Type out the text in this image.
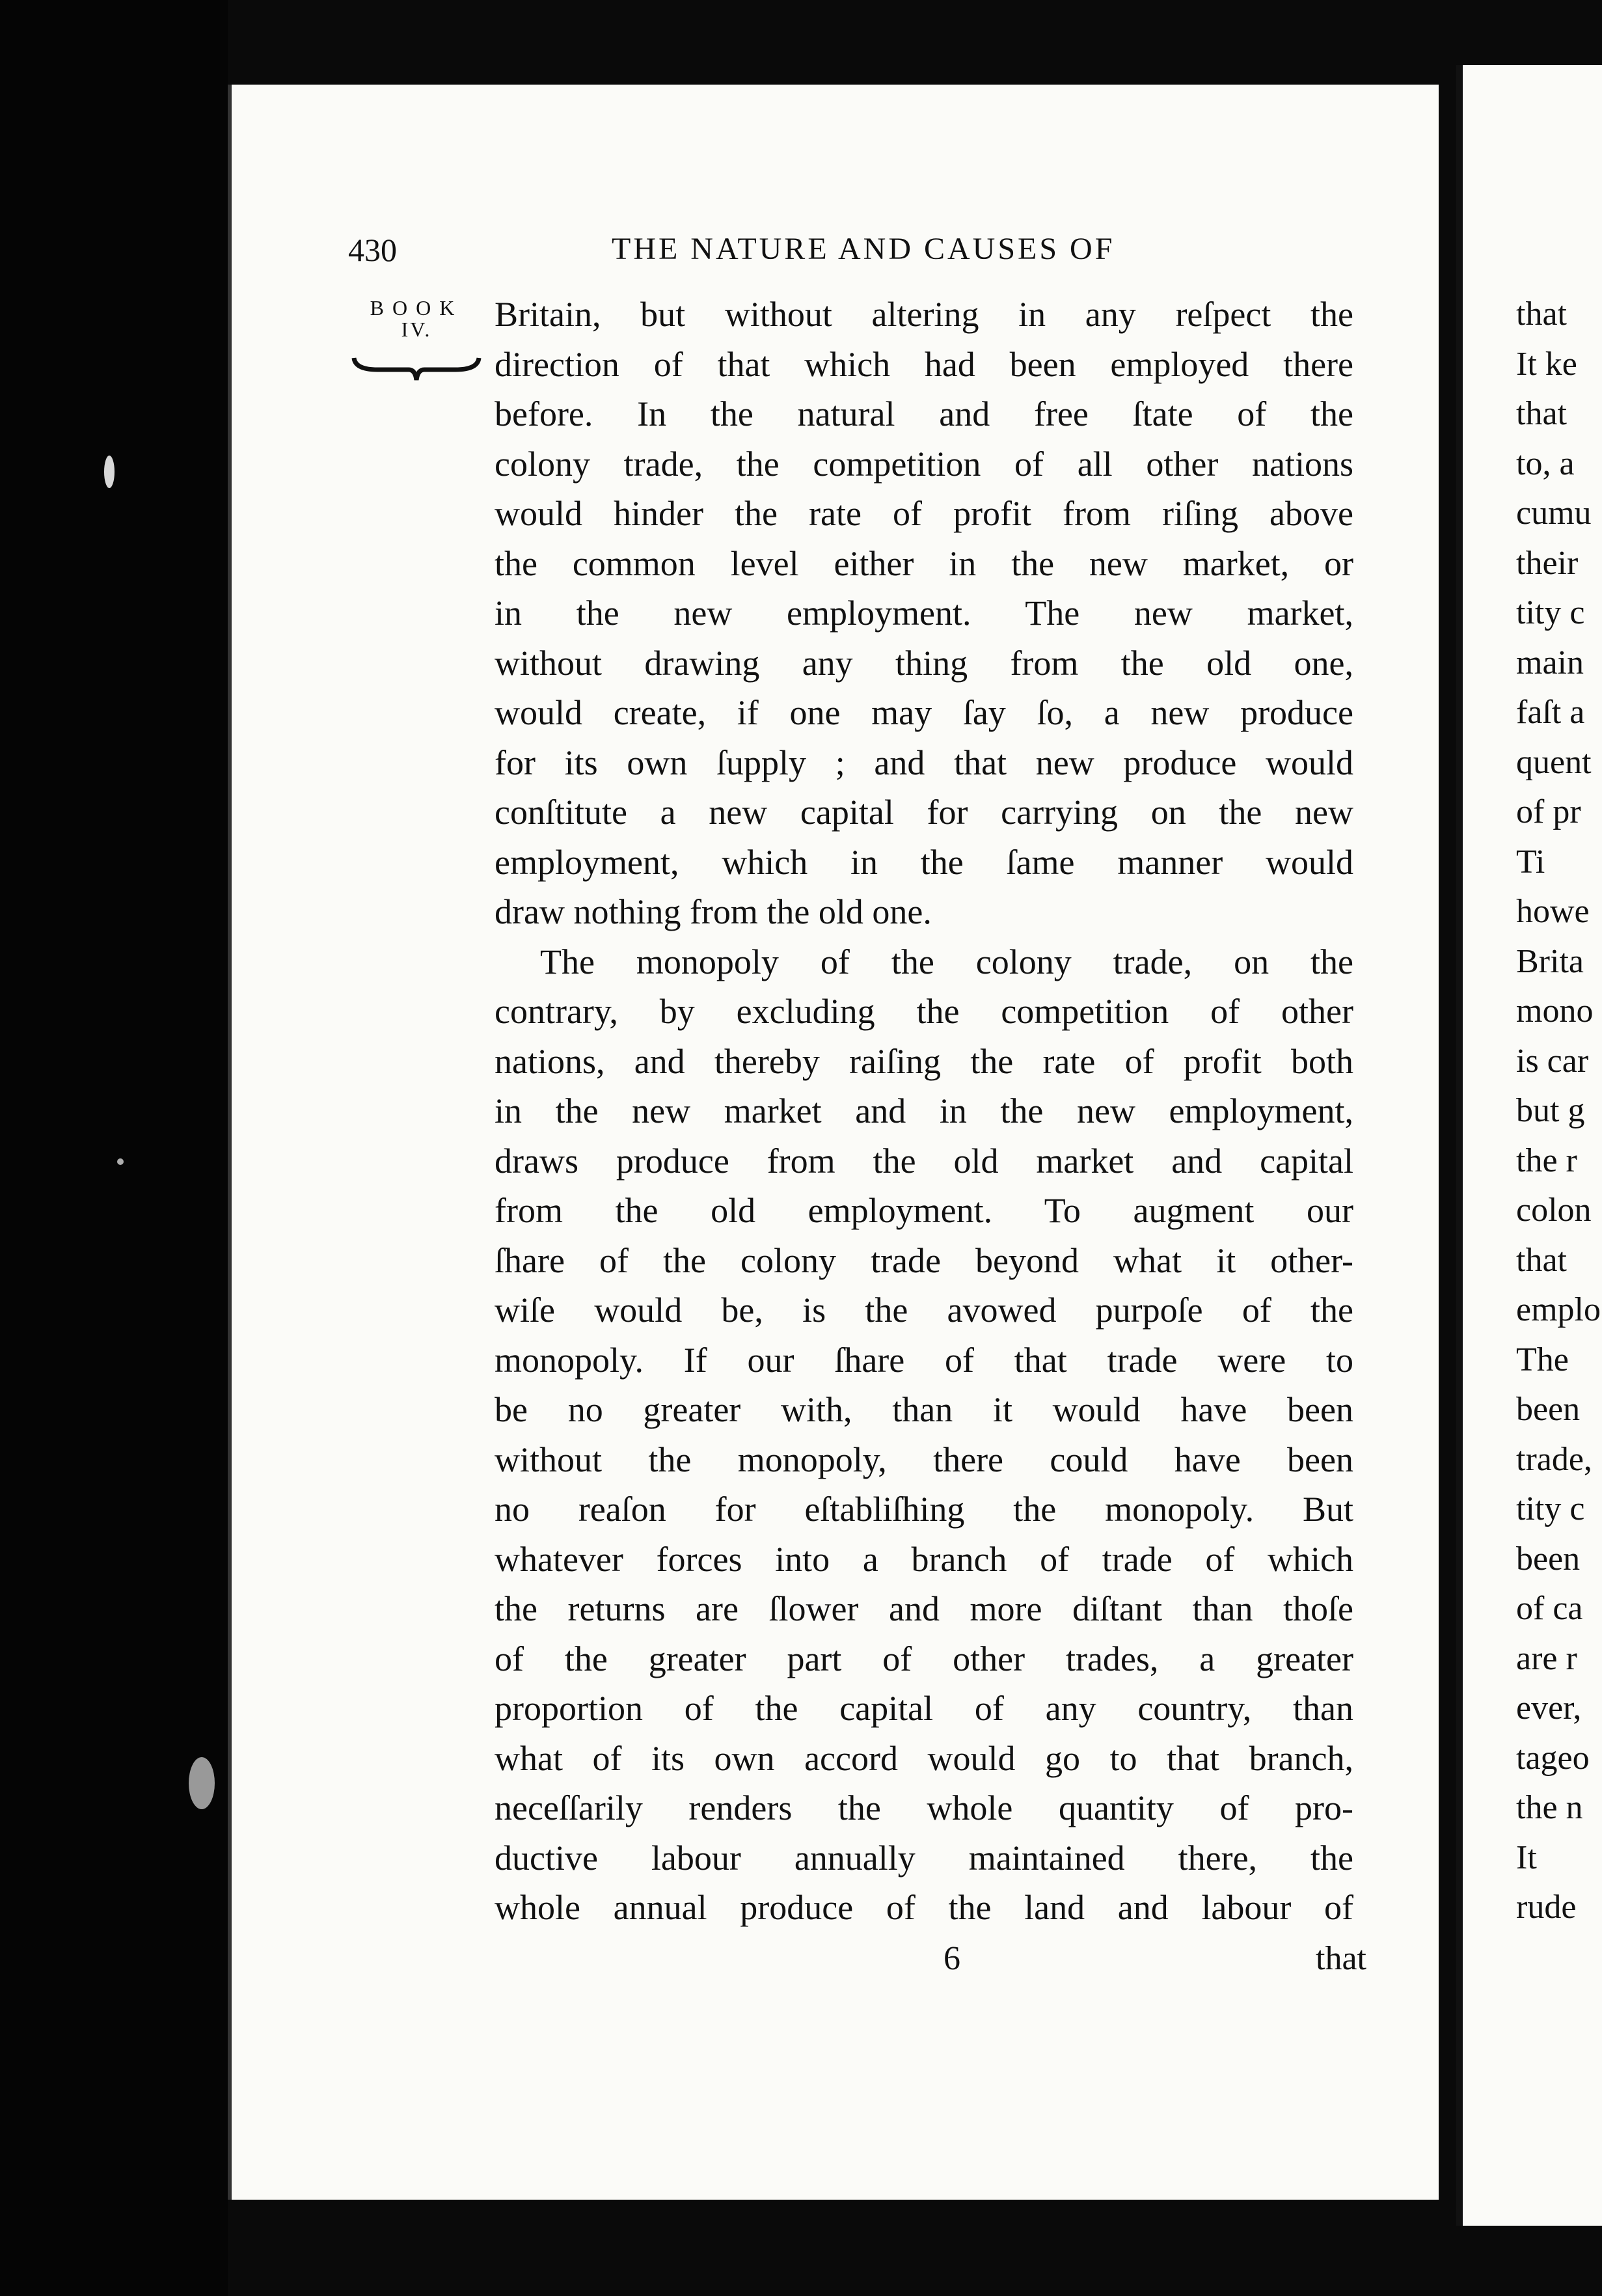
430	THE NATURE AND CAUSES OF
BOOK
IV.	Britain, but without altering in any reſpect the
direction of that which had been employed there
before. In the natural and free ſtate of the
colony trade, the competition of all other nations
would hinder the rate of profit from riſing above
the common level either in the new market, or
in the new employment. The new market,
without drawing any thing from the old one,
would create, if one may ſay ſo, a new produce
for its own ſupply ; and that new produce would
conſtitute a new capital for carrying on the new
employment, which in the ſame manner would
draw nothing from the old one.
The monopoly of the colony trade, on the
contrary, by excluding the competition of other
nations, and thereby raiſing the rate of profit both
in the new market and in the new employment,
draws produce from the old market and capital
from the old employment. To augment our
ſhare of the colony trade beyond what it other-
wiſe would be, is the avowed purpoſe of the
monopoly. If our ſhare of that trade were to
be no greater with, than it would have been
without the monopoly, there could have been
no reaſon for eſtabliſhing the monopoly. But
whatever forces into a branch of trade of which
the returns are ſlower and more diſtant than thoſe
of the greater part of other trades, a greater
proportion of the capital of any country, than
what of its own accord would go to that branch,
neceſſarily renders the whole quantity of pro-
ductive labour annually maintained there, the
whole annual produce of the land and labour of
6	that
that
It ke
that
to, a
cumu
their
tity c
main
faſt a
quent
of pr
Ti
howe
Brita
mono
is car
but g
the r
colon
that
emplo
The
been
trade,
tity c
been
of ca
are r
ever,
tageo
the n
It
rude
